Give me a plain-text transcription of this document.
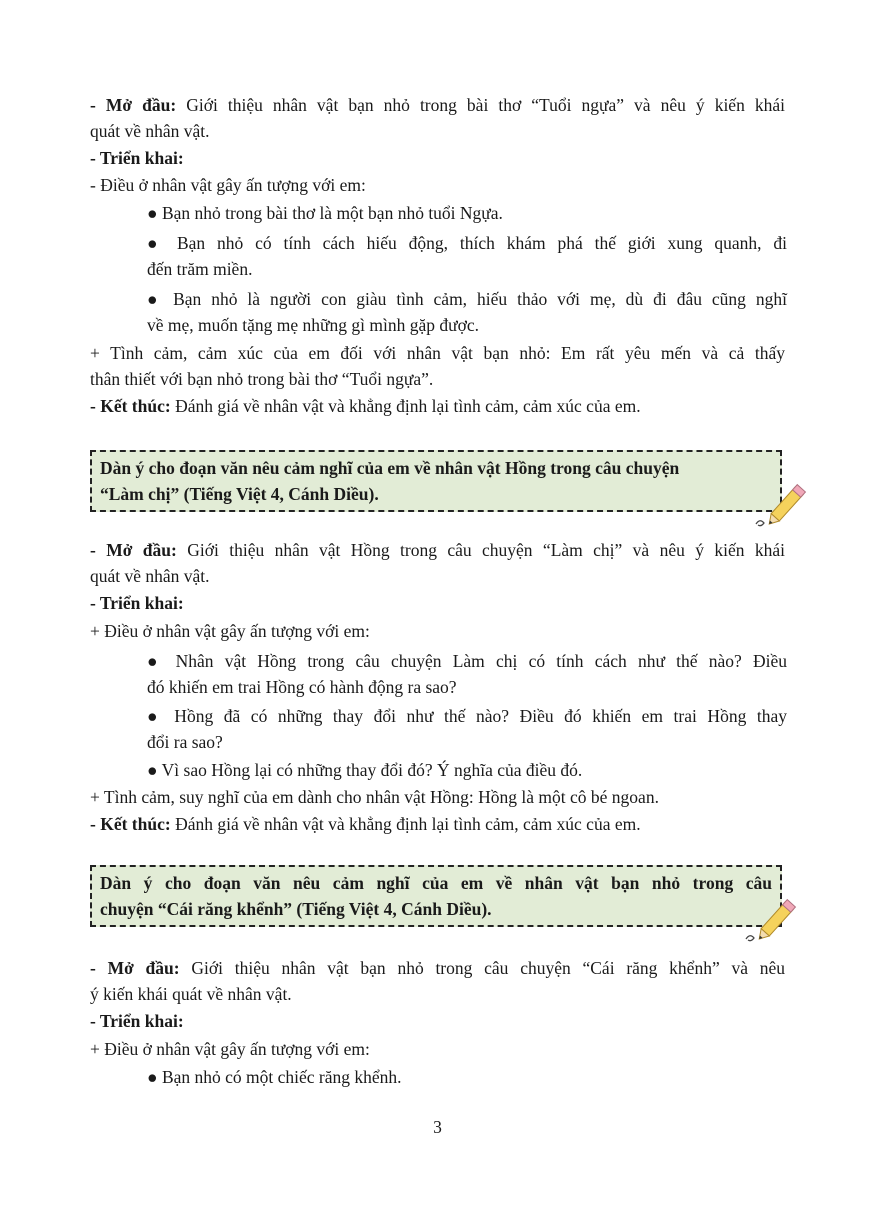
- Mở đầu: Giới thiệu nhân vật bạn nhỏ trong bài thơ “Tuổi ngựa” và nêu ý kiến khái
quát về nhân vật.
- Triển khai:
- Điều ở nhân vật gây ấn tượng với em:
● Bạn nhỏ trong bài thơ là một bạn nhỏ tuổi Ngựa.
● Bạn nhỏ có tính cách hiếu động, thích khám phá thế giới xung quanh, đi
đến trăm miền.
● Bạn nhỏ là người con giàu tình cảm, hiếu thảo với mẹ, dù đi đâu cũng nghĩ
về mẹ, muốn tặng mẹ những gì mình gặp được.
+ Tình cảm, cảm xúc của em đối với nhân vật bạn nhỏ: Em rất yêu mến và cả thấy
thân thiết với bạn nhỏ trong bài thơ “Tuổi ngựa”.
- Kết thúc: Đánh giá về nhân vật và khẳng định lại tình cảm, cảm xúc của em.
Dàn ý cho đoạn văn nêu cảm nghĩ của em về nhân vật Hồng trong câu chuyện
“Làm chị” (Tiếng Việt 4, Cánh Diều).
- Mở đầu: Giới thiệu nhân vật Hồng trong câu chuyện “Làm chị” và nêu ý kiến khái
quát về nhân vật.
- Triển khai:
+ Điều ở nhân vật gây ấn tượng với em:
● Nhân vật Hồng trong câu chuyện Làm chị có tính cách như thế nào? Điều
đó khiến em trai Hồng có hành động ra sao?
● Hồng đã có những thay đổi như thế nào? Điều đó khiến em trai Hồng thay
đổi ra sao?
● Vì sao Hồng lại có những thay đổi đó? Ý nghĩa của điều đó.
+ Tình cảm, suy nghĩ của em dành cho nhân vật Hồng: Hồng là một cô bé ngoan.
- Kết thúc: Đánh giá về nhân vật và khẳng định lại tình cảm, cảm xúc của em.
Dàn ý cho đoạn văn nêu cảm nghĩ của em về nhân vật bạn nhỏ trong câu
chuyện “Cái răng khểnh” (Tiếng Việt 4, Cánh Diều).
- Mở đầu: Giới thiệu nhân vật bạn nhỏ trong câu chuyện “Cái răng khểnh” và nêu
ý kiến khái quát về nhân vật.
- Triển khai:
+ Điều ở nhân vật gây ấn tượng với em:
● Bạn nhỏ có một chiếc răng khểnh.
3
